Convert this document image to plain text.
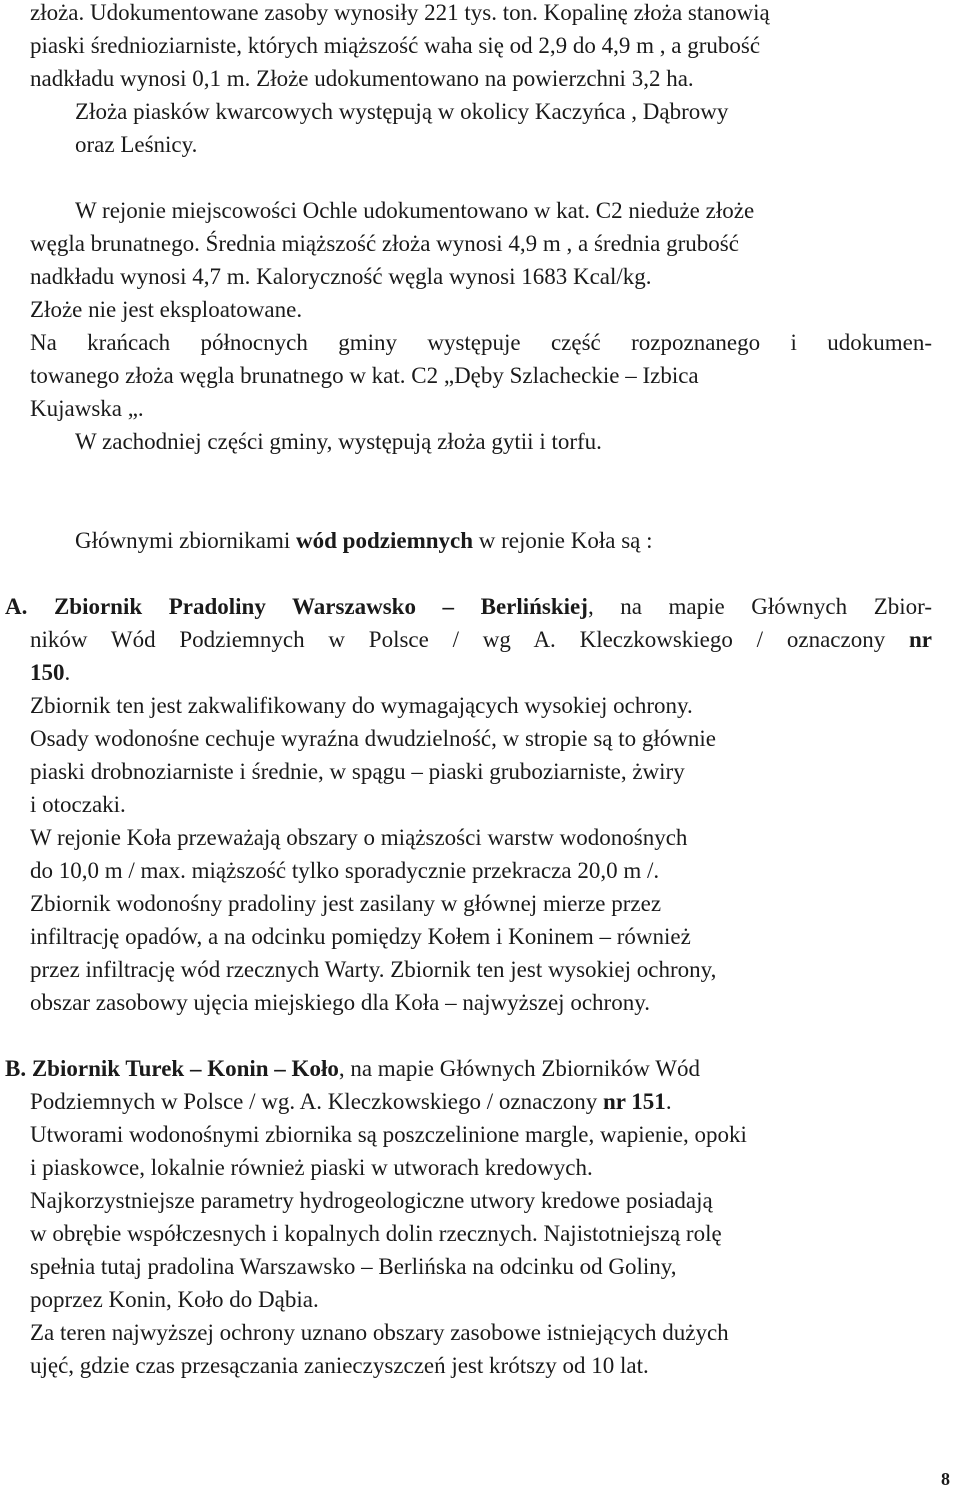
złoża. Udokumentowane zasoby wynosiły 221 tys. ton. Kopalinę złoża stanowią
piaski średnioziarniste, których miąższość waha się od 2,9 do 4,9 m , a grubość
nadkładu wynosi 0,1 m. Złoże udokumentowano na powierzchni 3,2 ha.
Złoża piasków kwarcowych występują w okolicy Kaczyńca , Dąbrowy
oraz Leśnicy.
W rejonie miejscowości Ochle udokumentowano w kat. C2 nieduże złoże
węgla brunatnego. Średnia miąższość złoża wynosi 4,9 m , a średnia grubość
nadkładu wynosi 4,7 m. Kaloryczność węgla wynosi 1683 Kcal/kg.
Złoże nie jest eksploatowane.
Na krańcach północnych gminy występuje część rozpoznanego i udokumen-
towanego złoża węgla brunatnego w kat. C2 „Dęby Szlacheckie – Izbica
Kujawska „.
W zachodniej części gminy, występują złoża gytii i torfu.
Głównymi zbiornikami wód podziemnych w rejonie Koła są :
A. Zbiornik Pradoliny Warszawsko – Berlińskiej, na mapie Głównych Zbior-
ników Wód Podziemnych w Polsce / wg A. Kleczkowskiego / oznaczony nr
150.
Zbiornik ten jest zakwalifikowany do wymagających wysokiej ochrony.
Osady wodonośne cechuje wyraźna dwudzielność, w stropie są to głównie
piaski drobnoziarniste i średnie, w spągu – piaski gruboziarniste, żwiry
i otoczaki.
W rejonie Koła przeważają obszary o miąższości warstw wodonośnych
do 10,0 m / max. miąższość tylko sporadycznie przekracza 20,0 m /.
Zbiornik wodonośny pradoliny jest zasilany w głównej mierze przez
infiltrację opadów, a na odcinku pomiędzy Kołem i Koninem – również
przez infiltrację wód rzecznych Warty. Zbiornik ten jest wysokiej ochrony,
obszar zasobowy ujęcia miejskiego dla Koła – najwyższej ochrony.
B. Zbiornik Turek – Konin – Koło, na mapie Głównych Zbiorników Wód
Podziemnych w Polsce / wg. A. Kleczkowskiego / oznaczony nr 151.
Utworami wodonośnymi zbiornika są poszczelinione margle, wapienie, opoki
i piaskowce, lokalnie również piaski w utworach kredowych.
Najkorzystniejsze parametry hydrogeologiczne utwory kredowe posiadają
w obrębie współczesnych i kopalnych dolin rzecznych. Najistotniejszą rolę
spełnia tutaj pradolina Warszawsko – Berlińska na odcinku od Goliny,
poprzez Konin, Koło do Dąbia.
Za teren najwyższej ochrony uznano obszary zasobowe istniejących dużych
ujęć, gdzie czas przesączania zanieczyszczeń jest krótszy od 10 lat.
8
